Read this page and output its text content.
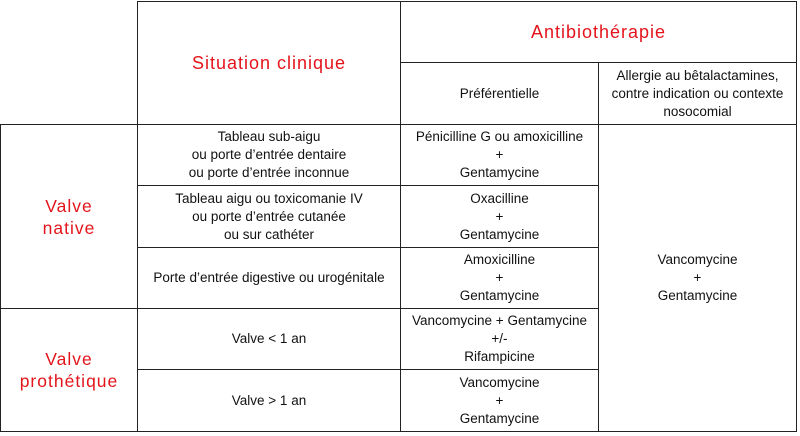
	Situation clinique	Antibiothérapie	
		Préférentielle	Allergie au bêtalactamines,
contre indication ou contexte
nosocomial

Valve
native	Tableau sub-aigu
ou porte d’entrée dentaire
ou porte d’entrée inconnue	Pénicilline G ou amoxicilline
+
Gentamycine	Vancomycine
+
Gentamycine

	Tableau aigu ou toxicomanie IV
ou porte d’entrée cutanée
ou sur cathéter	Oxacilline
+
Gentamycine	

	Porte d’entrée digestive ou urogénitale	Amoxicilline
+
Gentamycine	

Valve
prothétique	Valve < 1 an	Vancomycine + Gentamycine
+/-
Rifampicine	

	Valve > 1 an	Vancomycine
+
Gentamycine	
